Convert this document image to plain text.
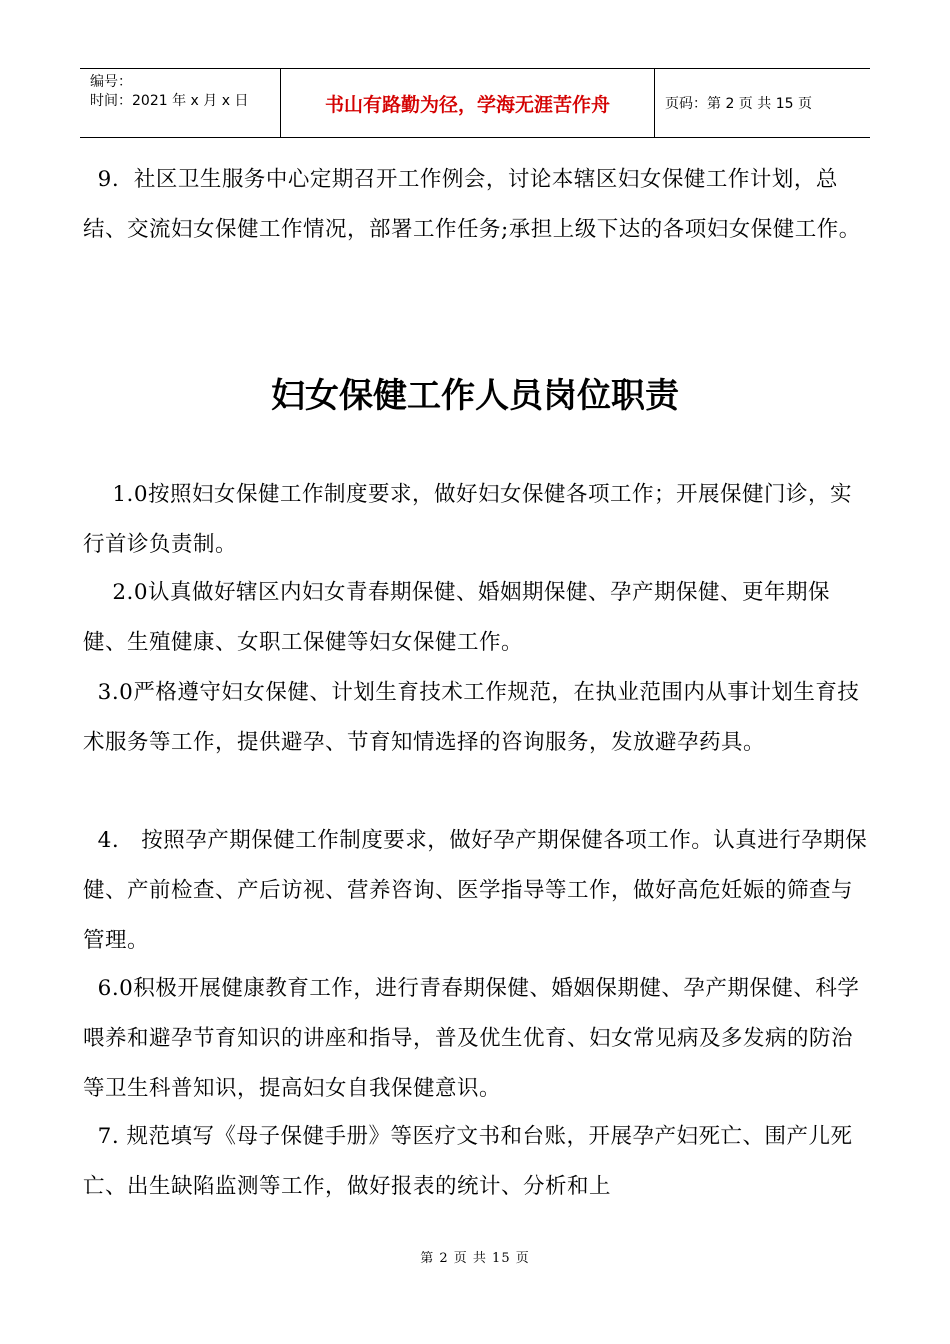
编号：
时间：2021 年 x 月 x 日	书山有路勤为径，学海无涯苦作舟	页码：第 2 页 共 15 页

9.  社区卫生服务中心定期召开工作例会，讨论本辖区妇女保健工作计划，总结、交流妇女保健工作情况，部署工作任务;承担上级下达的各项妇女保健工作。

妇女保健工作人员岗位职责

1.0按照妇女保健工作制度要求，做好妇女保健各项工作；开展保健门诊，实行首诊负责制。

2.0认真做好辖区内妇女青春期保健、婚姻期保健、孕产期保健、更年期保健、生殖健康、女职工保健等妇女保健工作。

3.0严格遵守妇女保健、计划生育技术工作规范，在执业范围内从事计划生育技术服务等工作，提供避孕、节育知情选择的咨询服务，发放避孕药具。

4.   按照孕产期保健工作制度要求，做好孕产期保健各项工作。认真进行孕期保健、产前检查、产后访视、营养咨询、医学指导等工作，做好高危妊娠的筛查与管理。

6.0积极开展健康教育工作，进行青春期保健、婚姻保期健、孕产期保健、科学喂养和避孕节育知识的讲座和指导，普及优生优育、妇女常见病及多发病的防治等卫生科普知识，提高妇女自我保健意识。

7. 规范填写《母子保健手册》等医疗文书和台账，开展孕产妇死亡、围产儿死亡、出生缺陷监测等工作，做好报表的统计、分析和上

第 2 页 共 15 页
